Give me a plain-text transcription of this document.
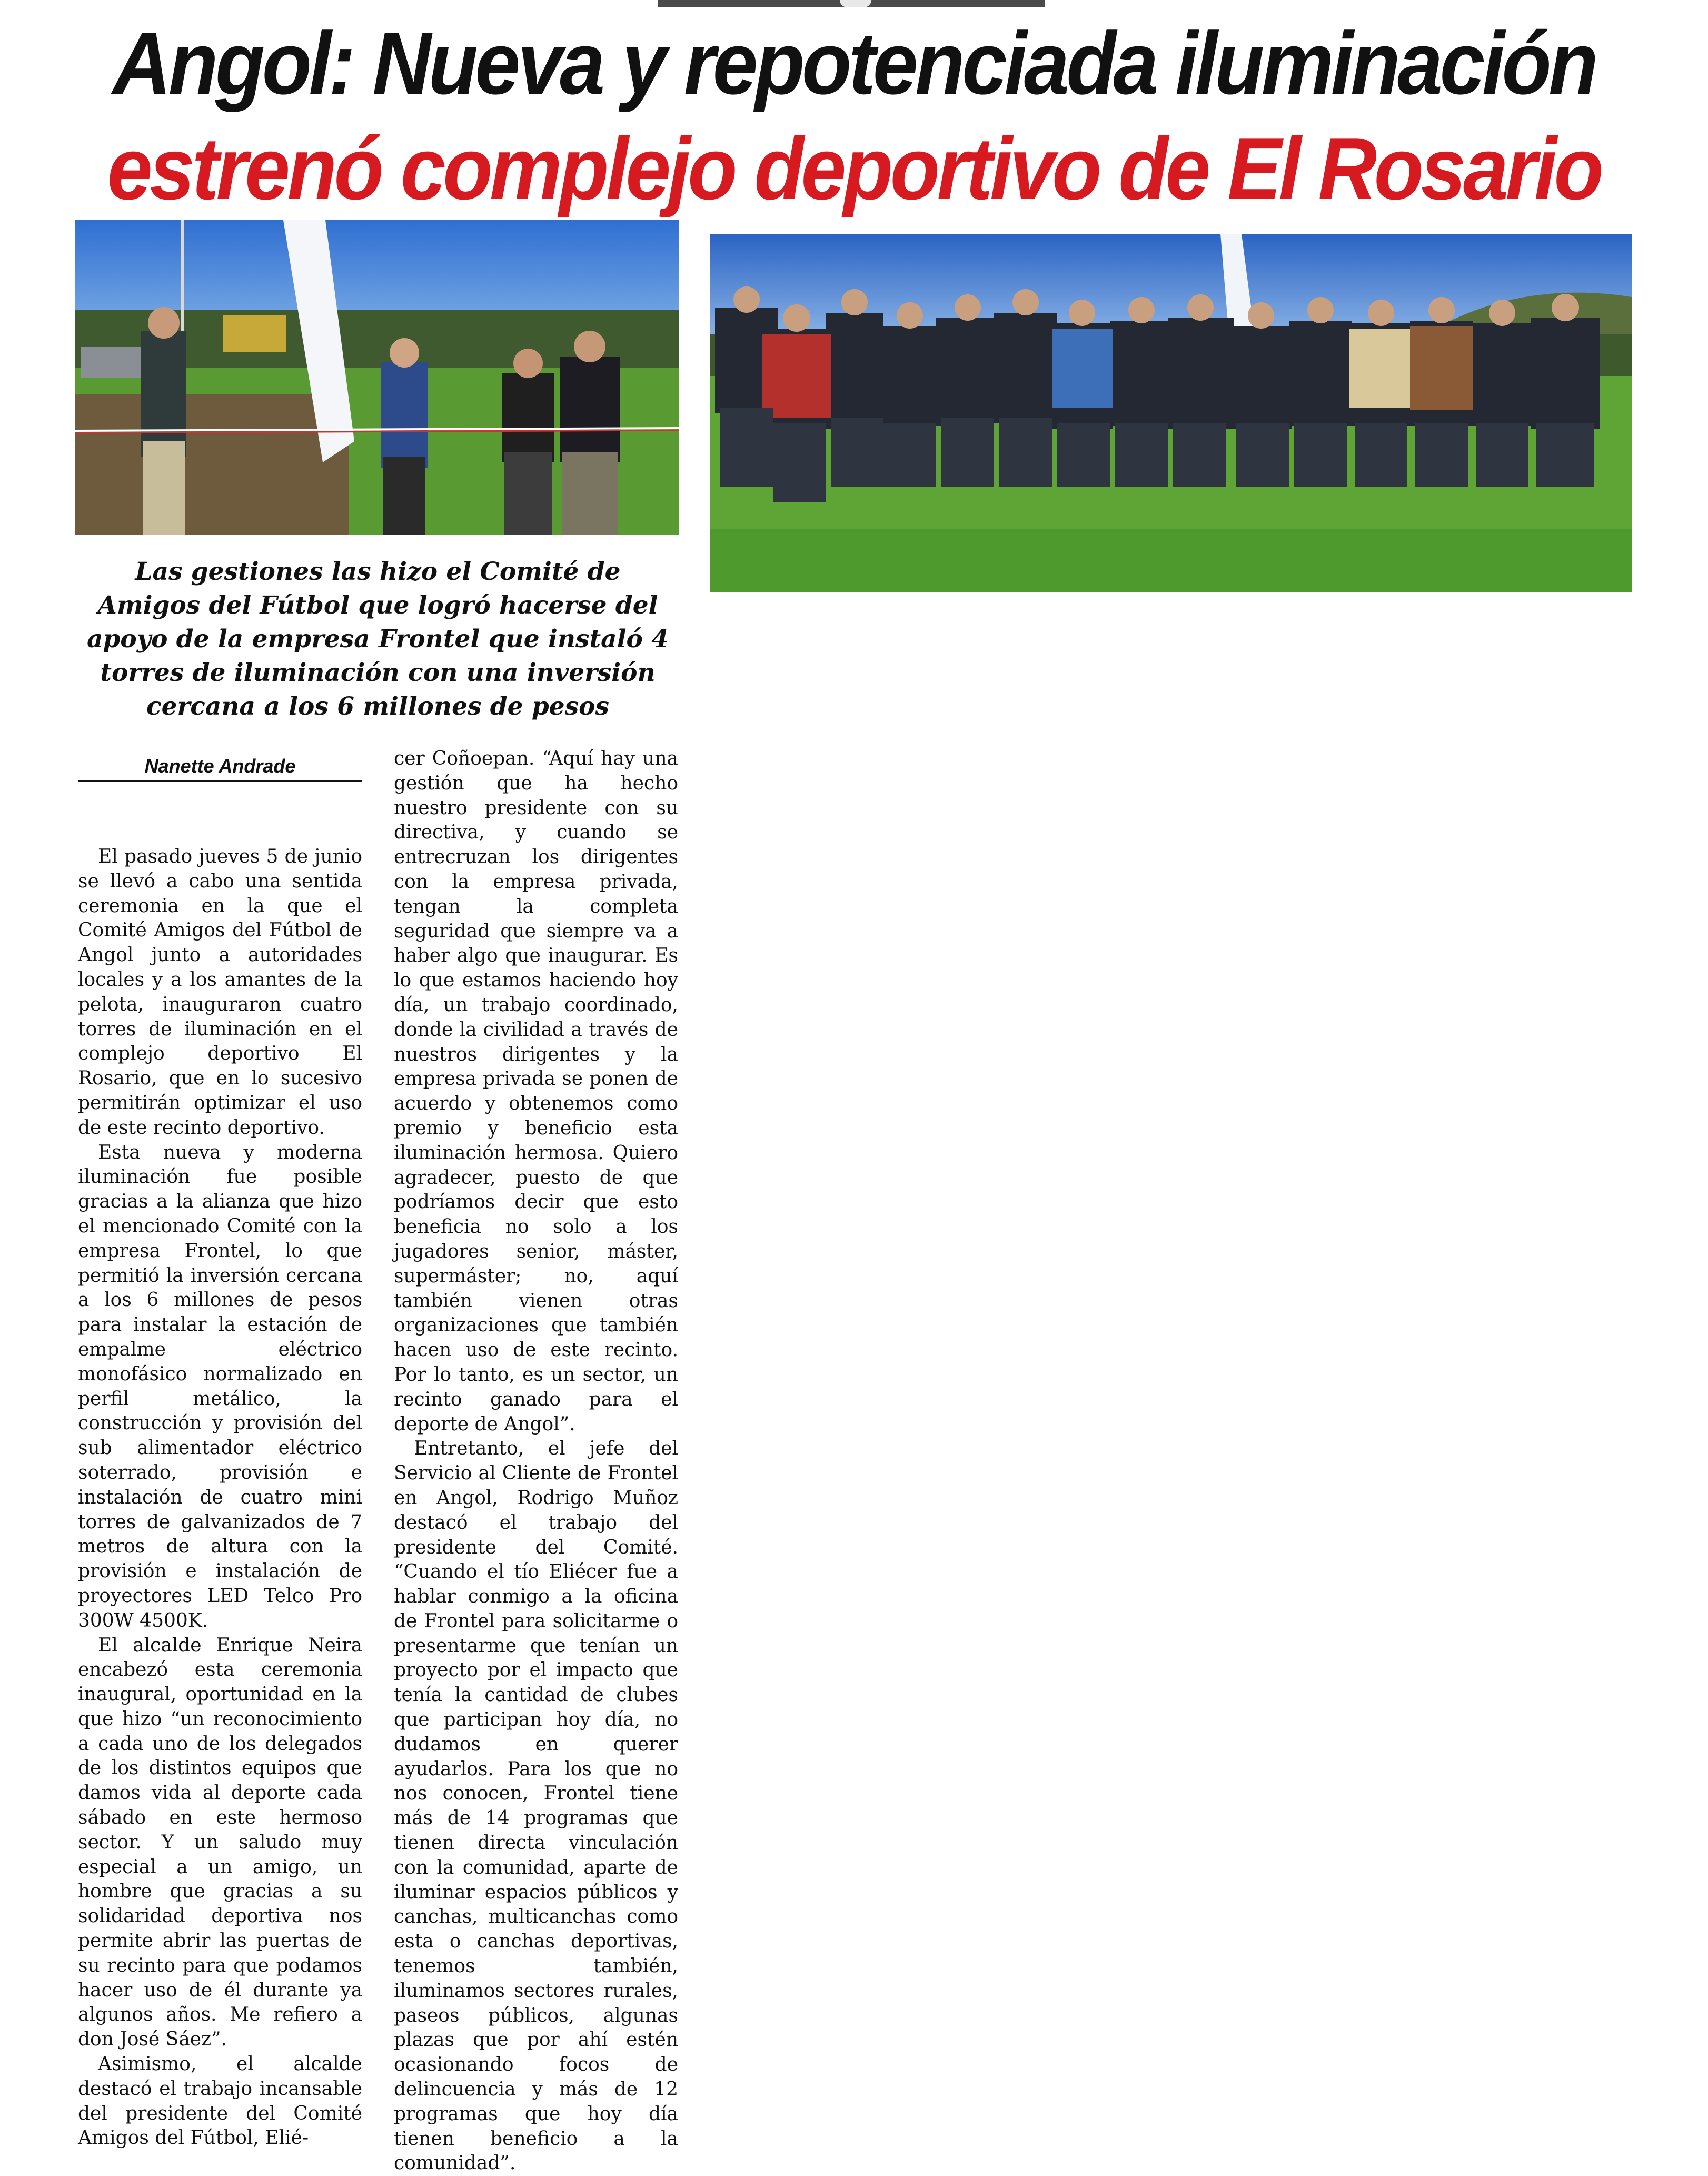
Angol: Nueva y repotenciada iluminación
estrenó complejo deportivo de El Rosario

Las gestiones las hizo el Comité de Amigos del Fútbol que logró hacerse del apoyo de la empresa Frontel que instaló 4 torres de iluminación con una inversión cercana a los 6 millones de pesos

Nanette Andrade

El pasado jueves 5 de junio se llevó a cabo una sentida ceremonia en la que el Comité Amigos del Fútbol de Angol junto a autoridades locales y a los amantes de la pelota, inauguraron cuatro torres de iluminación en el complejo deportivo El Rosario, que en lo sucesivo permitirán optimizar el uso de este recinto deportivo.

Esta nueva y moderna iluminación fue posible gracias a la alianza que hizo el mencionado Comité con la empresa Frontel, lo que permitió la inversión cercana a los 6 millones de pesos para instalar la estación de empalme eléctrico monofásico normalizado en perfil metálico, la construcción y provisión del sub alimentador eléctrico soterrado, provisión e instalación de cuatro mini torres de galvanizados de 7 metros de altura con la provisión e instalación de proyectores LED Telco Pro 300W 4500K.

El alcalde Enrique Neira encabezó esta ceremonia inaugural, oportunidad en la que hizo “un reconocimiento a cada uno de los delegados de los distintos equipos que damos vida al deporte cada sábado en este hermoso sector. Y un saludo muy especial a un amigo, un hombre que gracias a su solidaridad deportiva nos permite abrir las puertas de su recinto para que podamos hacer uso de él durante ya algunos años. Me refiero a don José Sáez”.

Asimismo, el alcalde destacó el trabajo incansable del presidente del Comité Amigos del Fútbol, Elié-

cer Coñoepan. “Aquí hay una gestión que ha hecho nuestro presidente con su directiva, y cuando se entrecruzan los dirigentes con la empresa privada, tengan la completa seguridad que siempre va a haber algo que inaugurar. Es lo que estamos haciendo hoy día, un trabajo coordinado, donde la civilidad a través de nuestros dirigentes y la empresa privada se ponen de acuerdo y obtenemos como premio y beneficio esta iluminación hermosa. Quiero agradecer, puesto de que podríamos decir que esto beneficia no solo a los jugadores senior, máster, supermáster; no, aquí también vienen otras organizaciones que también hacen uso de este recinto. Por lo tanto, es un sector, un recinto ganado para el deporte de Angol”.

Entretanto, el jefe del Servicio al Cliente de Frontel en Angol, Rodrigo Muñoz destacó el trabajo del presidente del Comité. “Cuando el tío Eliécer fue a hablar conmigo a la oficina de Frontel para solicitarme o presentarme que tenían un proyecto por el impacto que tenía la cantidad de clubes que participan hoy día, no dudamos en querer ayudarlos. Para los que no nos conocen, Frontel tiene más de 14 programas que tienen directa vinculación con la comunidad, aparte de iluminar espacios públicos y canchas, multicanchas como esta o canchas deportivas, tenemos también, iluminamos sectores rurales, paseos públicos, algunas plazas que por ahí estén ocasionando focos de delincuencia y más de 12 programas que hoy día tienen beneficio a la comunidad”.
